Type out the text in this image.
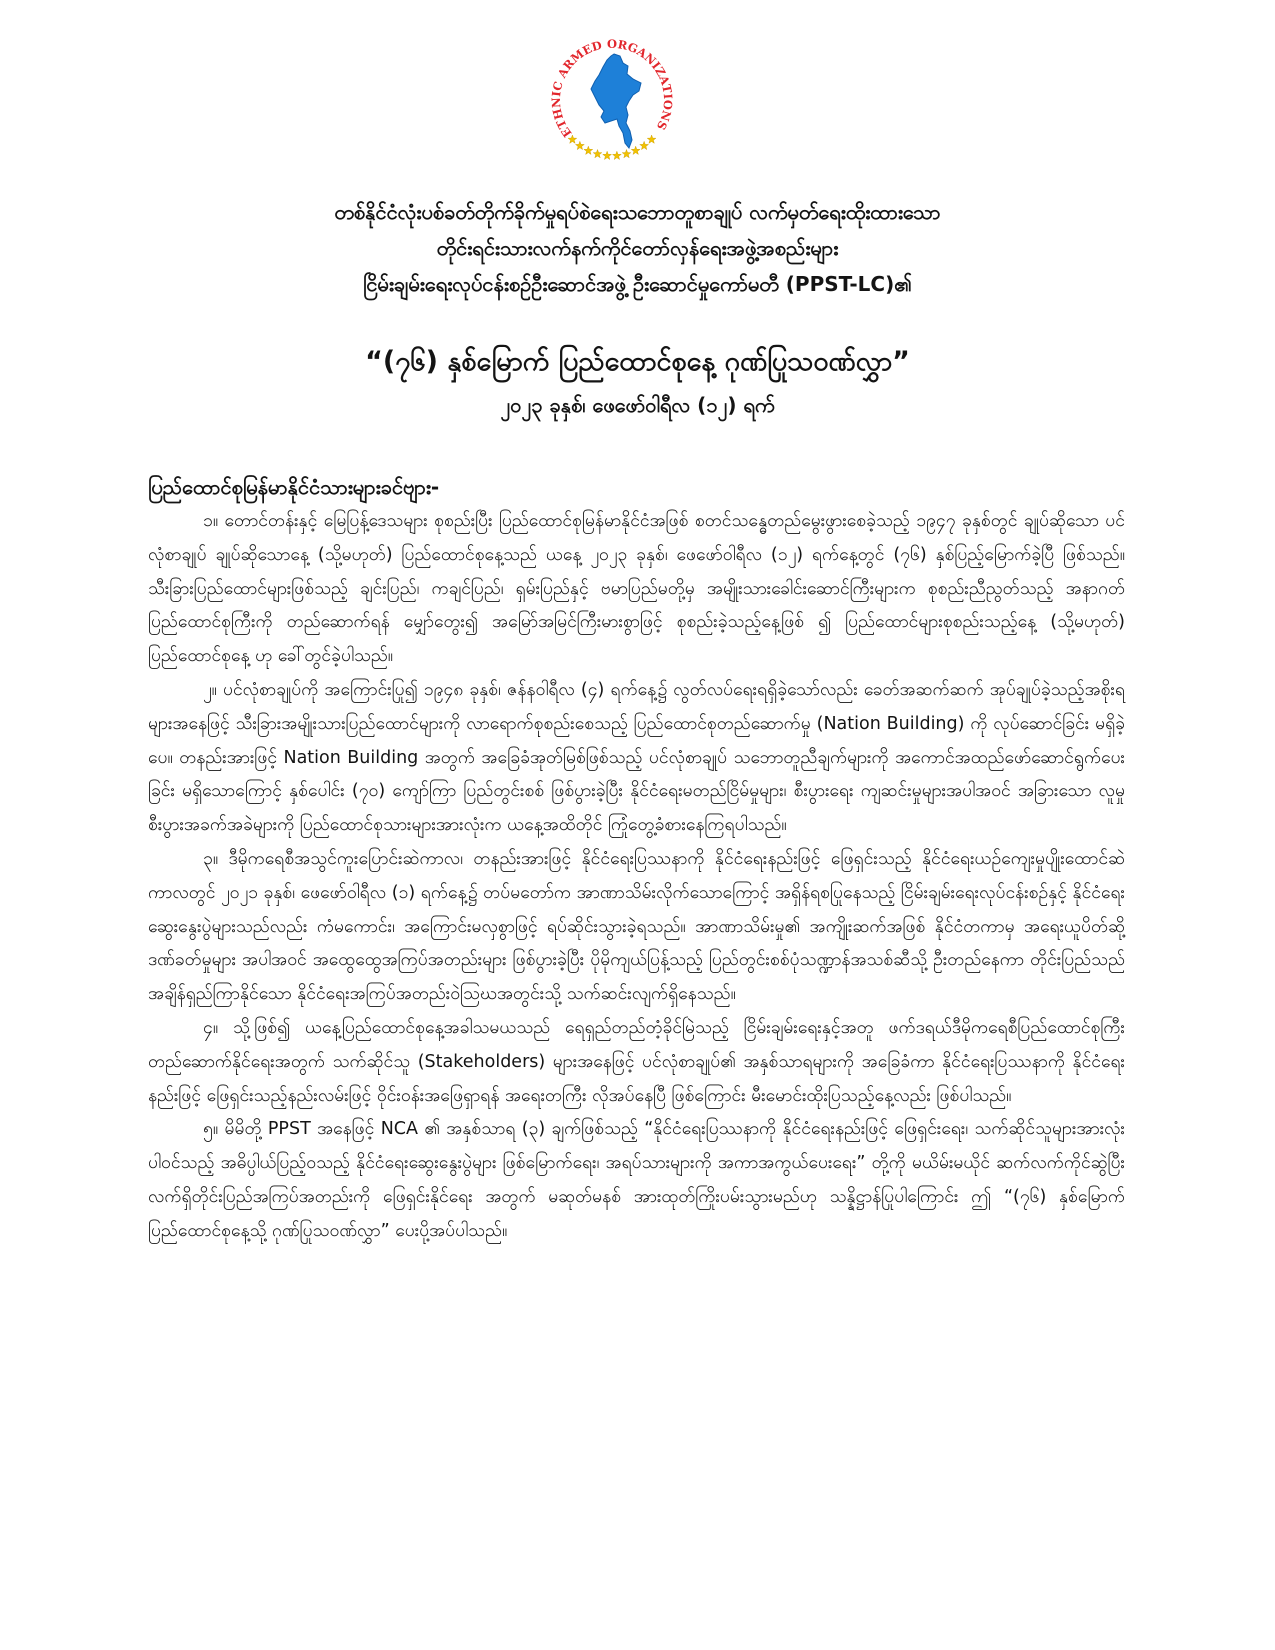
ETHNIC ARMED ORGANIZATIONS
တစ်နိုင်ငံလုံးပစ်ခတ်တိုက်ခိုက်မှုရပ်စဲရေးသဘောတူစာချုပ် လက်မှတ်ရေးထိုးထားသော
တိုင်းရင်းသားလက်နက်ကိုင်တော်လှန်ရေးအဖွဲ့အစည်းများ
ငြိမ်းချမ်းရေးလုပ်ငန်းစဉ်ဦးဆောင်အဖွဲ့ ဦးဆောင်မှုကော်မတီ (PPST-LC)၏
“(၇၆) နှစ်မြောက် ပြည်ထောင်စုနေ့ ဂုဏ်ပြုသဝဏ်လွှာ”
၂၀၂၃ ခုနှစ်၊ ဖေဖော်ဝါရီလ (၁၂) ရက်
ပြည်ထောင်စုမြန်မာနိုင်ငံသားများခင်ဗျား-

၁။ တောင်တန်းနှင့် မြေပြန့်ဒေသများ စုစည်းပြီး ပြည်ထောင်စုမြန်မာနိုင်ငံအဖြစ် စတင်သန္ဓေတည်မွေးဖွားစေခဲ့သည့် ၁၉၄၇ ခုနှစ်တွင် ချုပ်ဆိုသော ပင်လုံစာချုပ် ချုပ်ဆိုသောနေ့ (သို့မဟုတ်) ပြည်ထောင်စုနေ့သည် ယနေ့ ၂၀၂၃ ခုနှစ်၊ ဖေဖော်ဝါရီလ (၁၂) ရက်နေ့တွင် (၇၆) နှစ်ပြည့်မြောက်ခဲ့ပြီ ဖြစ်သည်။ သီးခြားပြည်ထောင်များဖြစ်သည့် ချင်းပြည်၊ ကချင်ပြည်၊ ရှမ်းပြည်နှင့် ဗမာပြည်မတို့မှ အမျိုးသားခေါင်းဆောင်ကြီးများက စုစည်းညီညွတ်သည့် အနာဂတ်ပြည်ထောင်စုကြီးကို တည်ဆောက်ရန် မျှော်တွေး၍ အမြော်အမြင်ကြီးမားစွာဖြင့် စုစည်းခဲ့သည့်နေ့ဖြစ် ၍ ပြည်ထောင်များစုစည်းသည့်နေ့ (သို့မဟုတ်) ပြည်ထောင်စုနေ့ ဟု ခေါ်တွင်ခဲ့ပါသည်။

၂။ ပင်လုံစာချုပ်ကို အကြောင်းပြု၍ ၁၉၄၈ ခုနှစ်၊ ဇန်နဝါရီလ (၄) ရက်နေ့၌ လွတ်လပ်ရေးရရှိခဲ့သော်လည်း ခေတ်အဆက်ဆက် အုပ်ချုပ်ခဲ့သည့်အစိုးရ များအနေဖြင့် သီးခြားအမျိုးသားပြည်ထောင်များကို လာရောက်စုစည်းစေသည့် ပြည်ထောင်စုတည်ဆောက်မှု (Nation Building) ကို လုပ်ဆောင်ခြင်း မရှိခဲ့ပေ။ တနည်းအားဖြင့် Nation Building အတွက် အခြေခံအုတ်မြစ်ဖြစ်သည့် ပင်လုံစာချုပ် သဘောတူညီချက်များကို အကောင်အထည်ဖော်ဆောင်ရွက်ပေးခြင်း မရှိသောကြောင့် နှစ်ပေါင်း (၇၀) ကျော်ကြာ ပြည်တွင်းစစ် ဖြစ်ပွားခဲ့ပြီး နိုင်ငံရေးမတည်ငြိမ်မှုများ၊ စီးပွားရေး ကျဆင်းမှုများအပါအဝင် အခြားသော လူမှုစီးပွားအခက်အခဲများကို ပြည်ထောင်စုသားများအားလုံးက ယနေ့အထိတိုင် ကြုံတွေ့ခံစားနေကြရပါသည်။

၃။ ဒီမိုကရေစီအသွင်ကူးပြောင်းဆဲကာလ၊ တနည်းအားဖြင့် နိုင်ငံရေးပြဿနာကို နိုင်ငံရေးနည်းဖြင့် ဖြေရှင်းသည့် နိုင်ငံရေးယဉ်ကျေးမှုပျိုးထောင်ဆဲကာလတွင် ၂၀၂၁ ခုနှစ်၊ ဖေဖော်ဝါရီလ (၁) ရက်နေ့၌ တပ်မတော်က အာဏာသိမ်းလိုက်သောကြောင့် အရှိန်ရစပြုနေသည့် ငြိမ်းချမ်းရေးလုပ်ငန်းစဉ်နှင့် နိုင်ငံရေးဆွေးနွေးပွဲများသည်လည်း ကံမကောင်း၊ အကြောင်းမလှစွာဖြင့် ရပ်ဆိုင်းသွားခဲ့ရသည်။ အာဏာသိမ်းမှု၏ အကျိုးဆက်အဖြစ် နိုင်ငံတကာမှ အရေးယူပိတ်ဆို့ဒဏ်ခတ်မှုများ အပါအဝင် အထွေထွေအကြပ်အတည်းများ ဖြစ်ပွားခဲ့ပြီး ပိုမိုကျယ်ပြန့်သည့် ပြည်တွင်းစစ်ပုံသဏ္ဍာန်အသစ်ဆီသို့ ဦးတည်နေကာ တိုင်းပြည်သည် အချိန်ရှည်ကြာနိုင်သော နိုင်ငံရေးအကြပ်အတည်းဝဲဩဃအတွင်းသို့ သက်ဆင်းလျက်ရှိနေသည်။

၄။ သို့ဖြစ်၍ ယနေ့ပြည်ထောင်စုနေ့အခါသမယသည် ရေရှည်တည်တံ့ခိုင်မြဲသည့် ငြိမ်းချမ်းရေးနှင့်အတူ ဖက်ဒရယ်ဒီမိုကရေစီပြည်ထောင်စုကြီး တည်ဆောက်နိုင်ရေးအတွက် သက်ဆိုင်သူ (Stakeholders) များအနေဖြင့် ပင်လုံစာချုပ်၏ အနှစ်သာရများကို အခြေခံကာ နိုင်ငံရေးပြဿနာကို နိုင်ငံရေးနည်းဖြင့် ဖြေရှင်းသည့်နည်းလမ်းဖြင့် ဝိုင်းဝန်းအဖြေရှာရန် အရေးတကြီး လိုအပ်နေပြီ ဖြစ်ကြောင်း မီးမောင်းထိုးပြသည့်နေ့လည်း ဖြစ်ပါသည်။

၅။ မိမိတို့ PPST အနေဖြင့် NCA ၏ အနှစ်သာရ (၃) ချက်ဖြစ်သည့် “နိုင်ငံရေးပြဿနာကို နိုင်ငံရေးနည်းဖြင့် ဖြေရှင်းရေး၊ သက်ဆိုင်သူများအားလုံးပါဝင်သည့် အဓိပ္ပါယ်ပြည့်ဝသည့် နိုင်ငံရေးဆွေးနွေးပွဲများ ဖြစ်မြောက်ရေး၊ အရပ်သားများကို အကာအကွယ်ပေးရေး” တို့ကို မယိမ်းမယိုင် ဆက်လက်ကိုင်ဆွဲပြီး လက်ရှိတိုင်းပြည်အကြပ်အတည်းကို ဖြေရှင်းနိုင်ရေး အတွက် မဆုတ်မနစ် အားထုတ်ကြိုးပမ်းသွားမည်ဟု သန္နိဋ္ဌာန်ပြုပါကြောင်း ဤ “(၇၆) နှစ်မြောက် ပြည်ထောင်စုနေ့သို့ ဂုဏ်ပြုသဝဏ်လွှာ” ပေးပို့အပ်ပါသည်။
